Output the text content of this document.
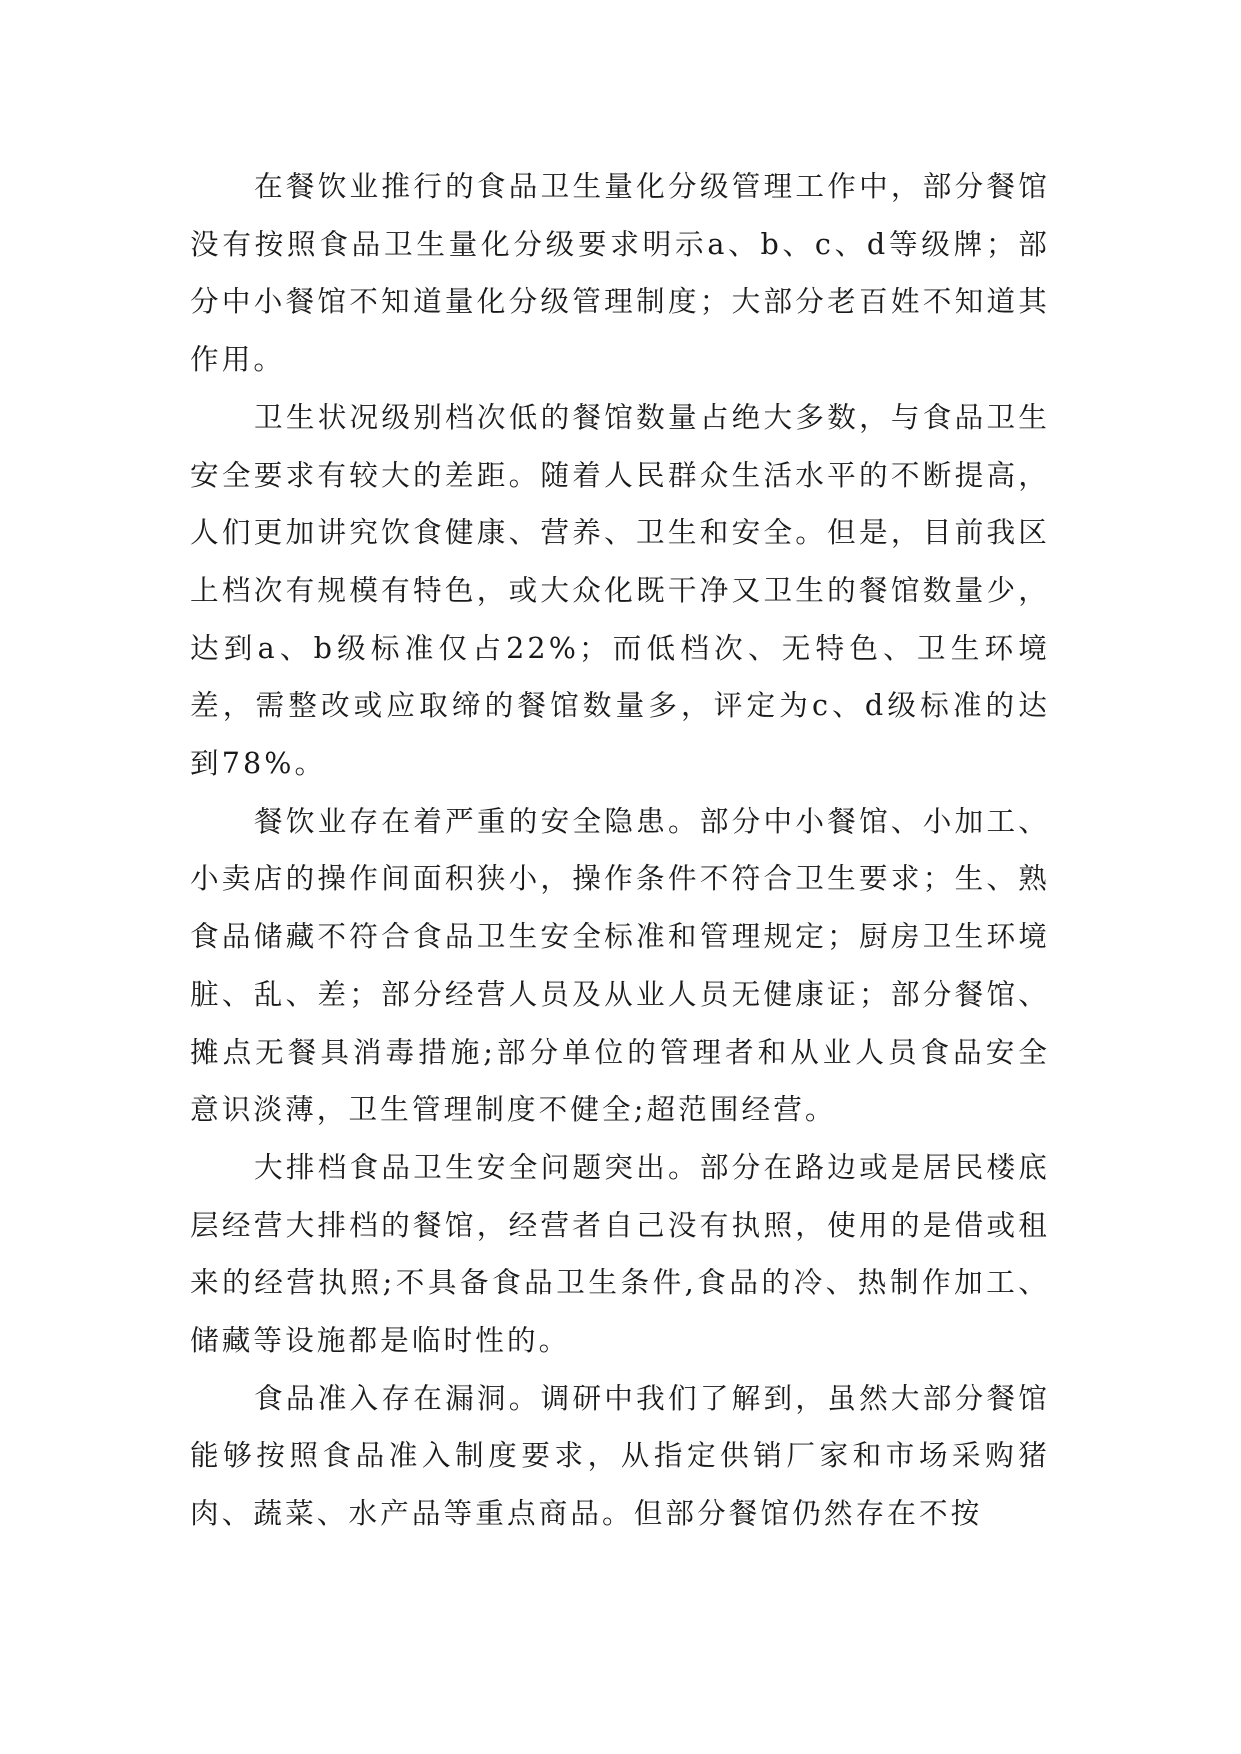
在餐饮业推行的食品卫生量化分级管理工作中，部分餐馆没有按照食品卫生量化分级要求明示a、b、c、d等级牌；部分中小餐馆不知道量化分级管理制度；大部分老百姓不知道其作用。

卫生状况级别档次低的餐馆数量占绝大多数，与食品卫生安全要求有较大的差距。随着人民群众生活水平的不断提高，人们更加讲究饮食健康、营养、卫生和安全。但是，目前我区上档次有规模有特色，或大众化既干净又卫生的餐馆数量少，达到a、b级标准仅占22%；而低档次、无特色、卫生环境差，需整改或应取缔的餐馆数量多，评定为c、d级标准的达到78%。

餐饮业存在着严重的安全隐患。部分中小餐馆、小加工、小卖店的操作间面积狭小，操作条件不符合卫生要求；生、熟食品储藏不符合食品卫生安全标准和管理规定；厨房卫生环境脏、乱、差；部分经营人员及从业人员无健康证；部分餐馆、摊点无餐具消毒措施;部分单位的管理者和从业人员食品安全意识淡薄，卫生管理制度不健全;超范围经营。

大排档食品卫生安全问题突出。部分在路边或是居民楼底层经营大排档的餐馆，经营者自己没有执照，使用的是借或租来的经营执照;不具备食品卫生条件,食品的冷、热制作加工、储藏等设施都是临时性的。

食品准入存在漏洞。调研中我们了解到，虽然大部分餐馆能够按照食品准入制度要求，从指定供销厂家和市场采购猪肉、蔬菜、水产品等重点商品。但部分餐馆仍然存在不按
